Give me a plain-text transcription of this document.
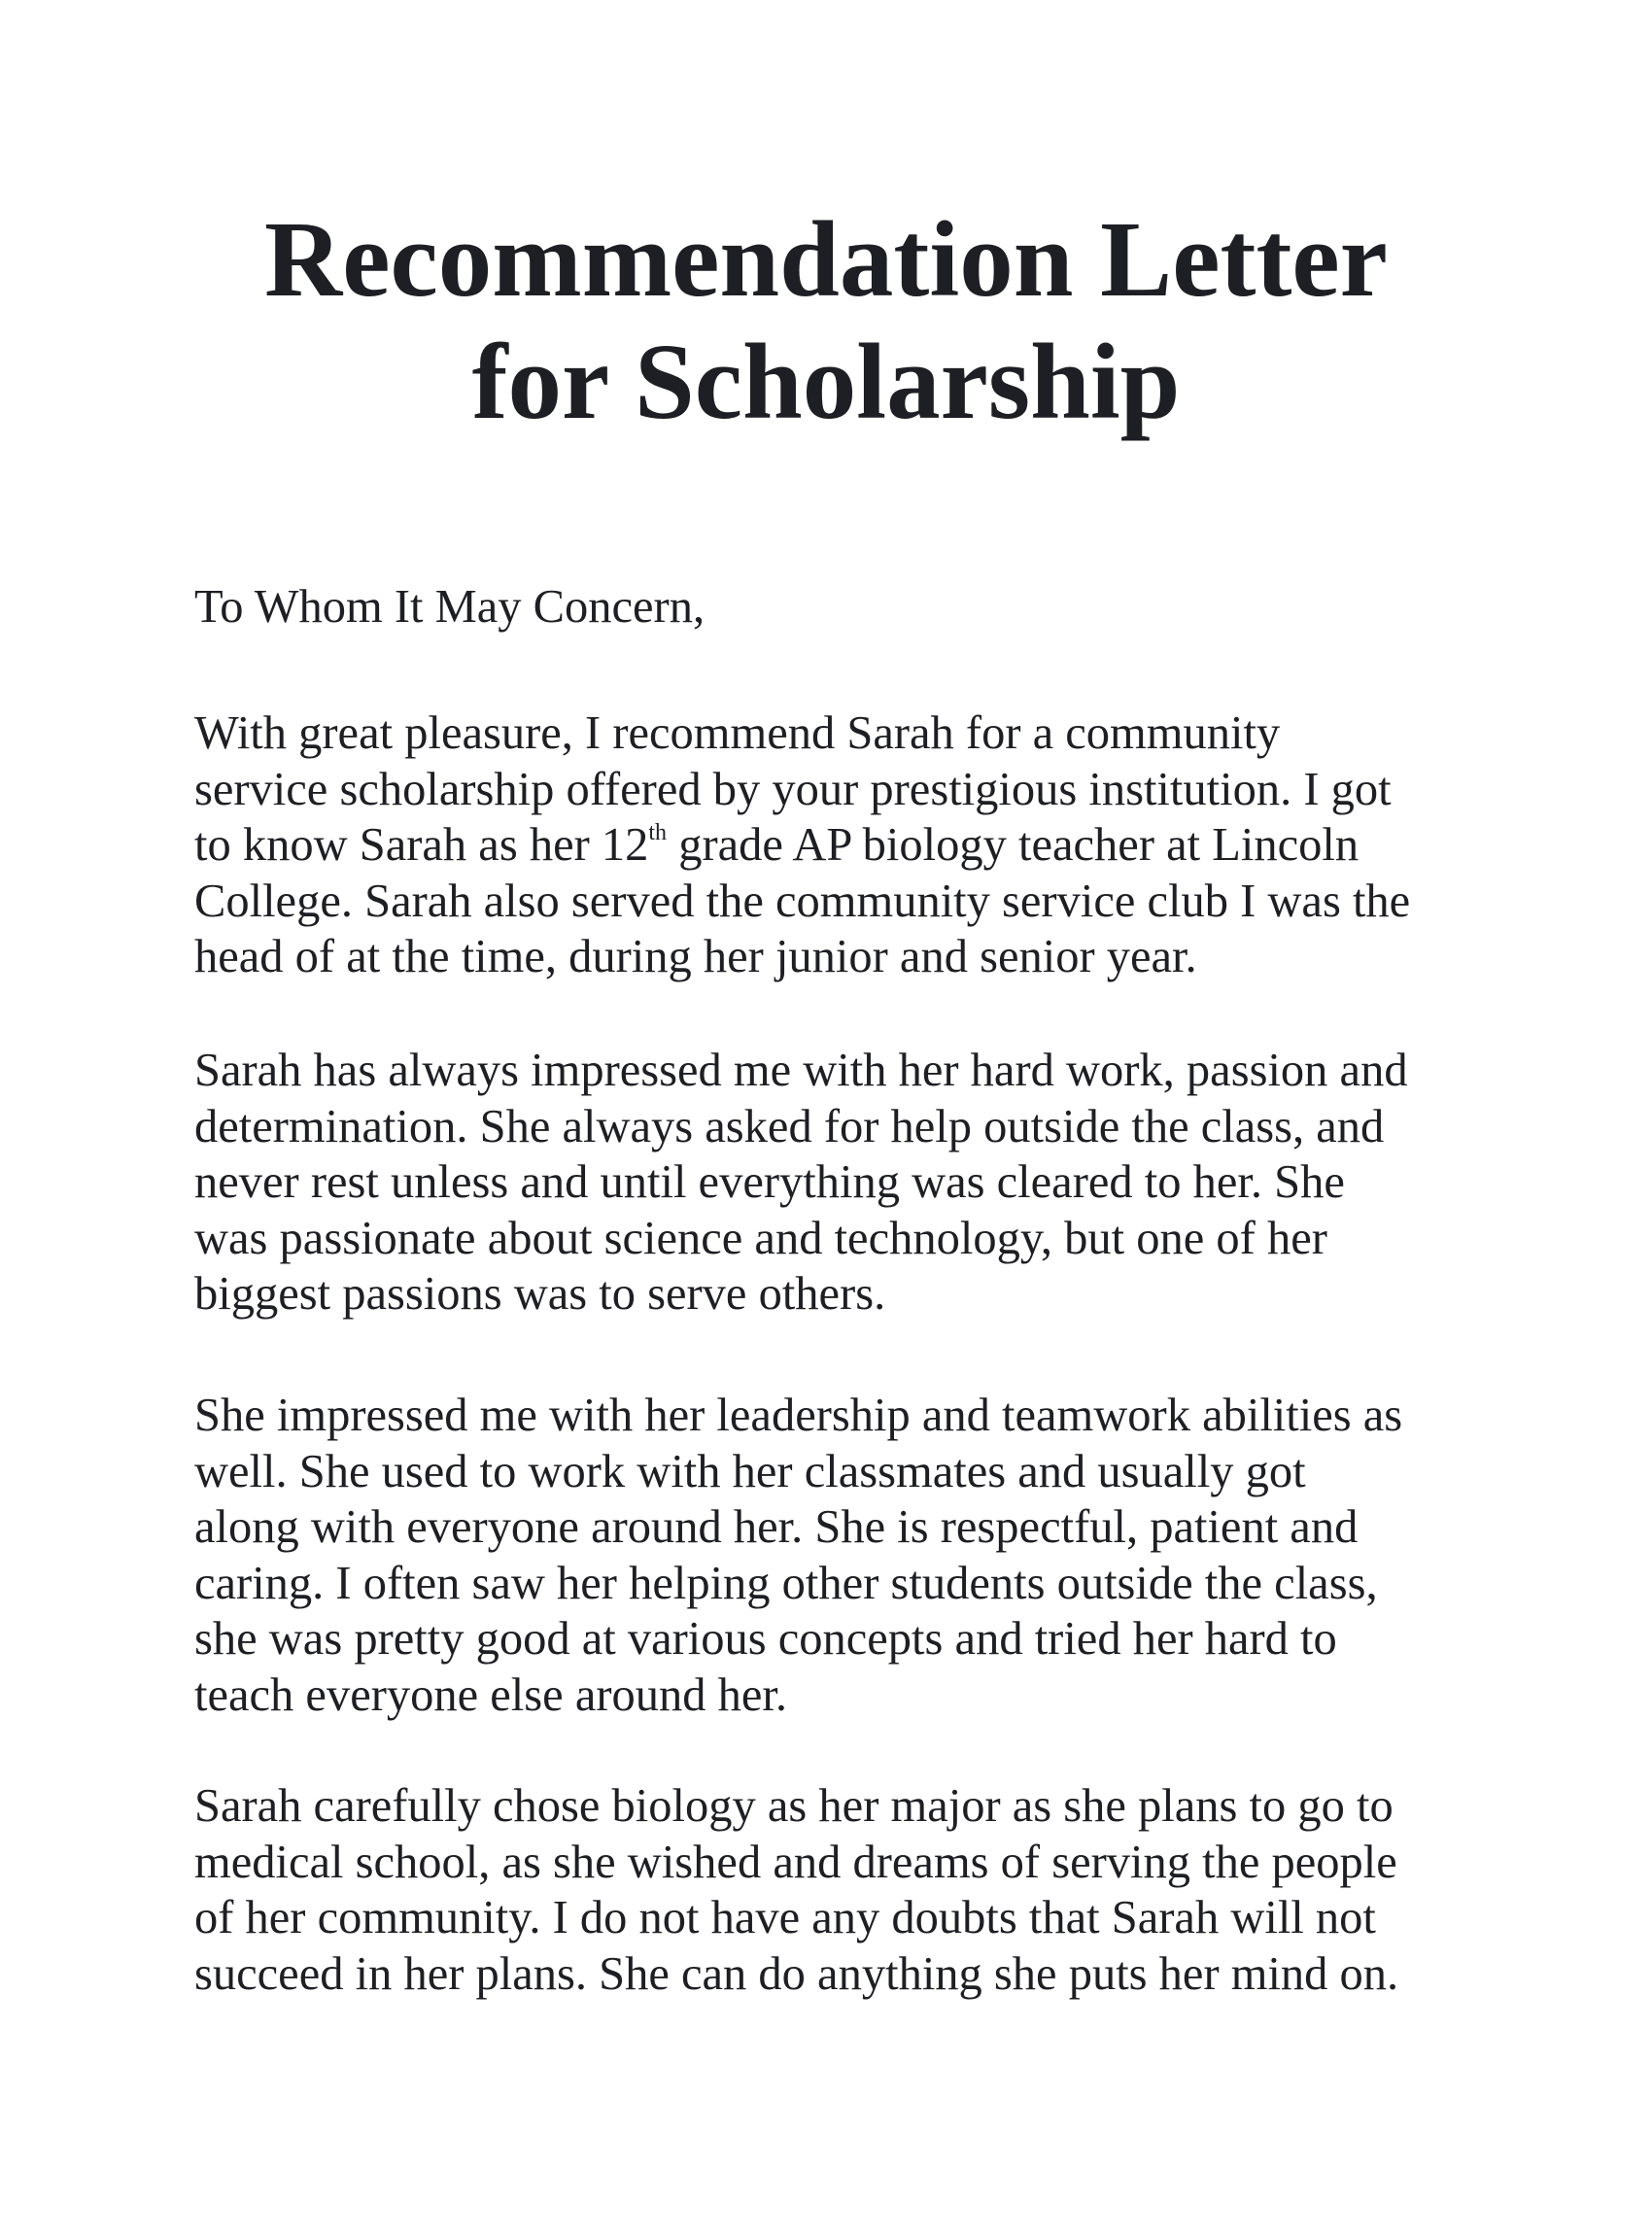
Recommendation Letter
for Scholarship

To Whom It May Concern,

With great pleasure, I recommend Sarah for a community
service scholarship offered by your prestigious institution. I got
to know Sarah as her 12th grade AP biology teacher at Lincoln
College. Sarah also served the community service club I was the
head of at the time, during her junior and senior year.

Sarah has always impressed me with her hard work, passion and
determination. She always asked for help outside the class, and
never rest unless and until everything was cleared to her. She
was passionate about science and technology, but one of her
biggest passions was to serve others.

She impressed me with her leadership and teamwork abilities as
well. She used to work with her classmates and usually got
along with everyone around her. She is respectful, patient and
caring. I often saw her helping other students outside the class,
she was pretty good at various concepts and tried her hard to
teach everyone else around her.

Sarah carefully chose biology as her major as she plans to go to
medical school, as she wished and dreams of serving the people
of her community. I do not have any doubts that Sarah will not
succeed in her plans. She can do anything she puts her mind on.
